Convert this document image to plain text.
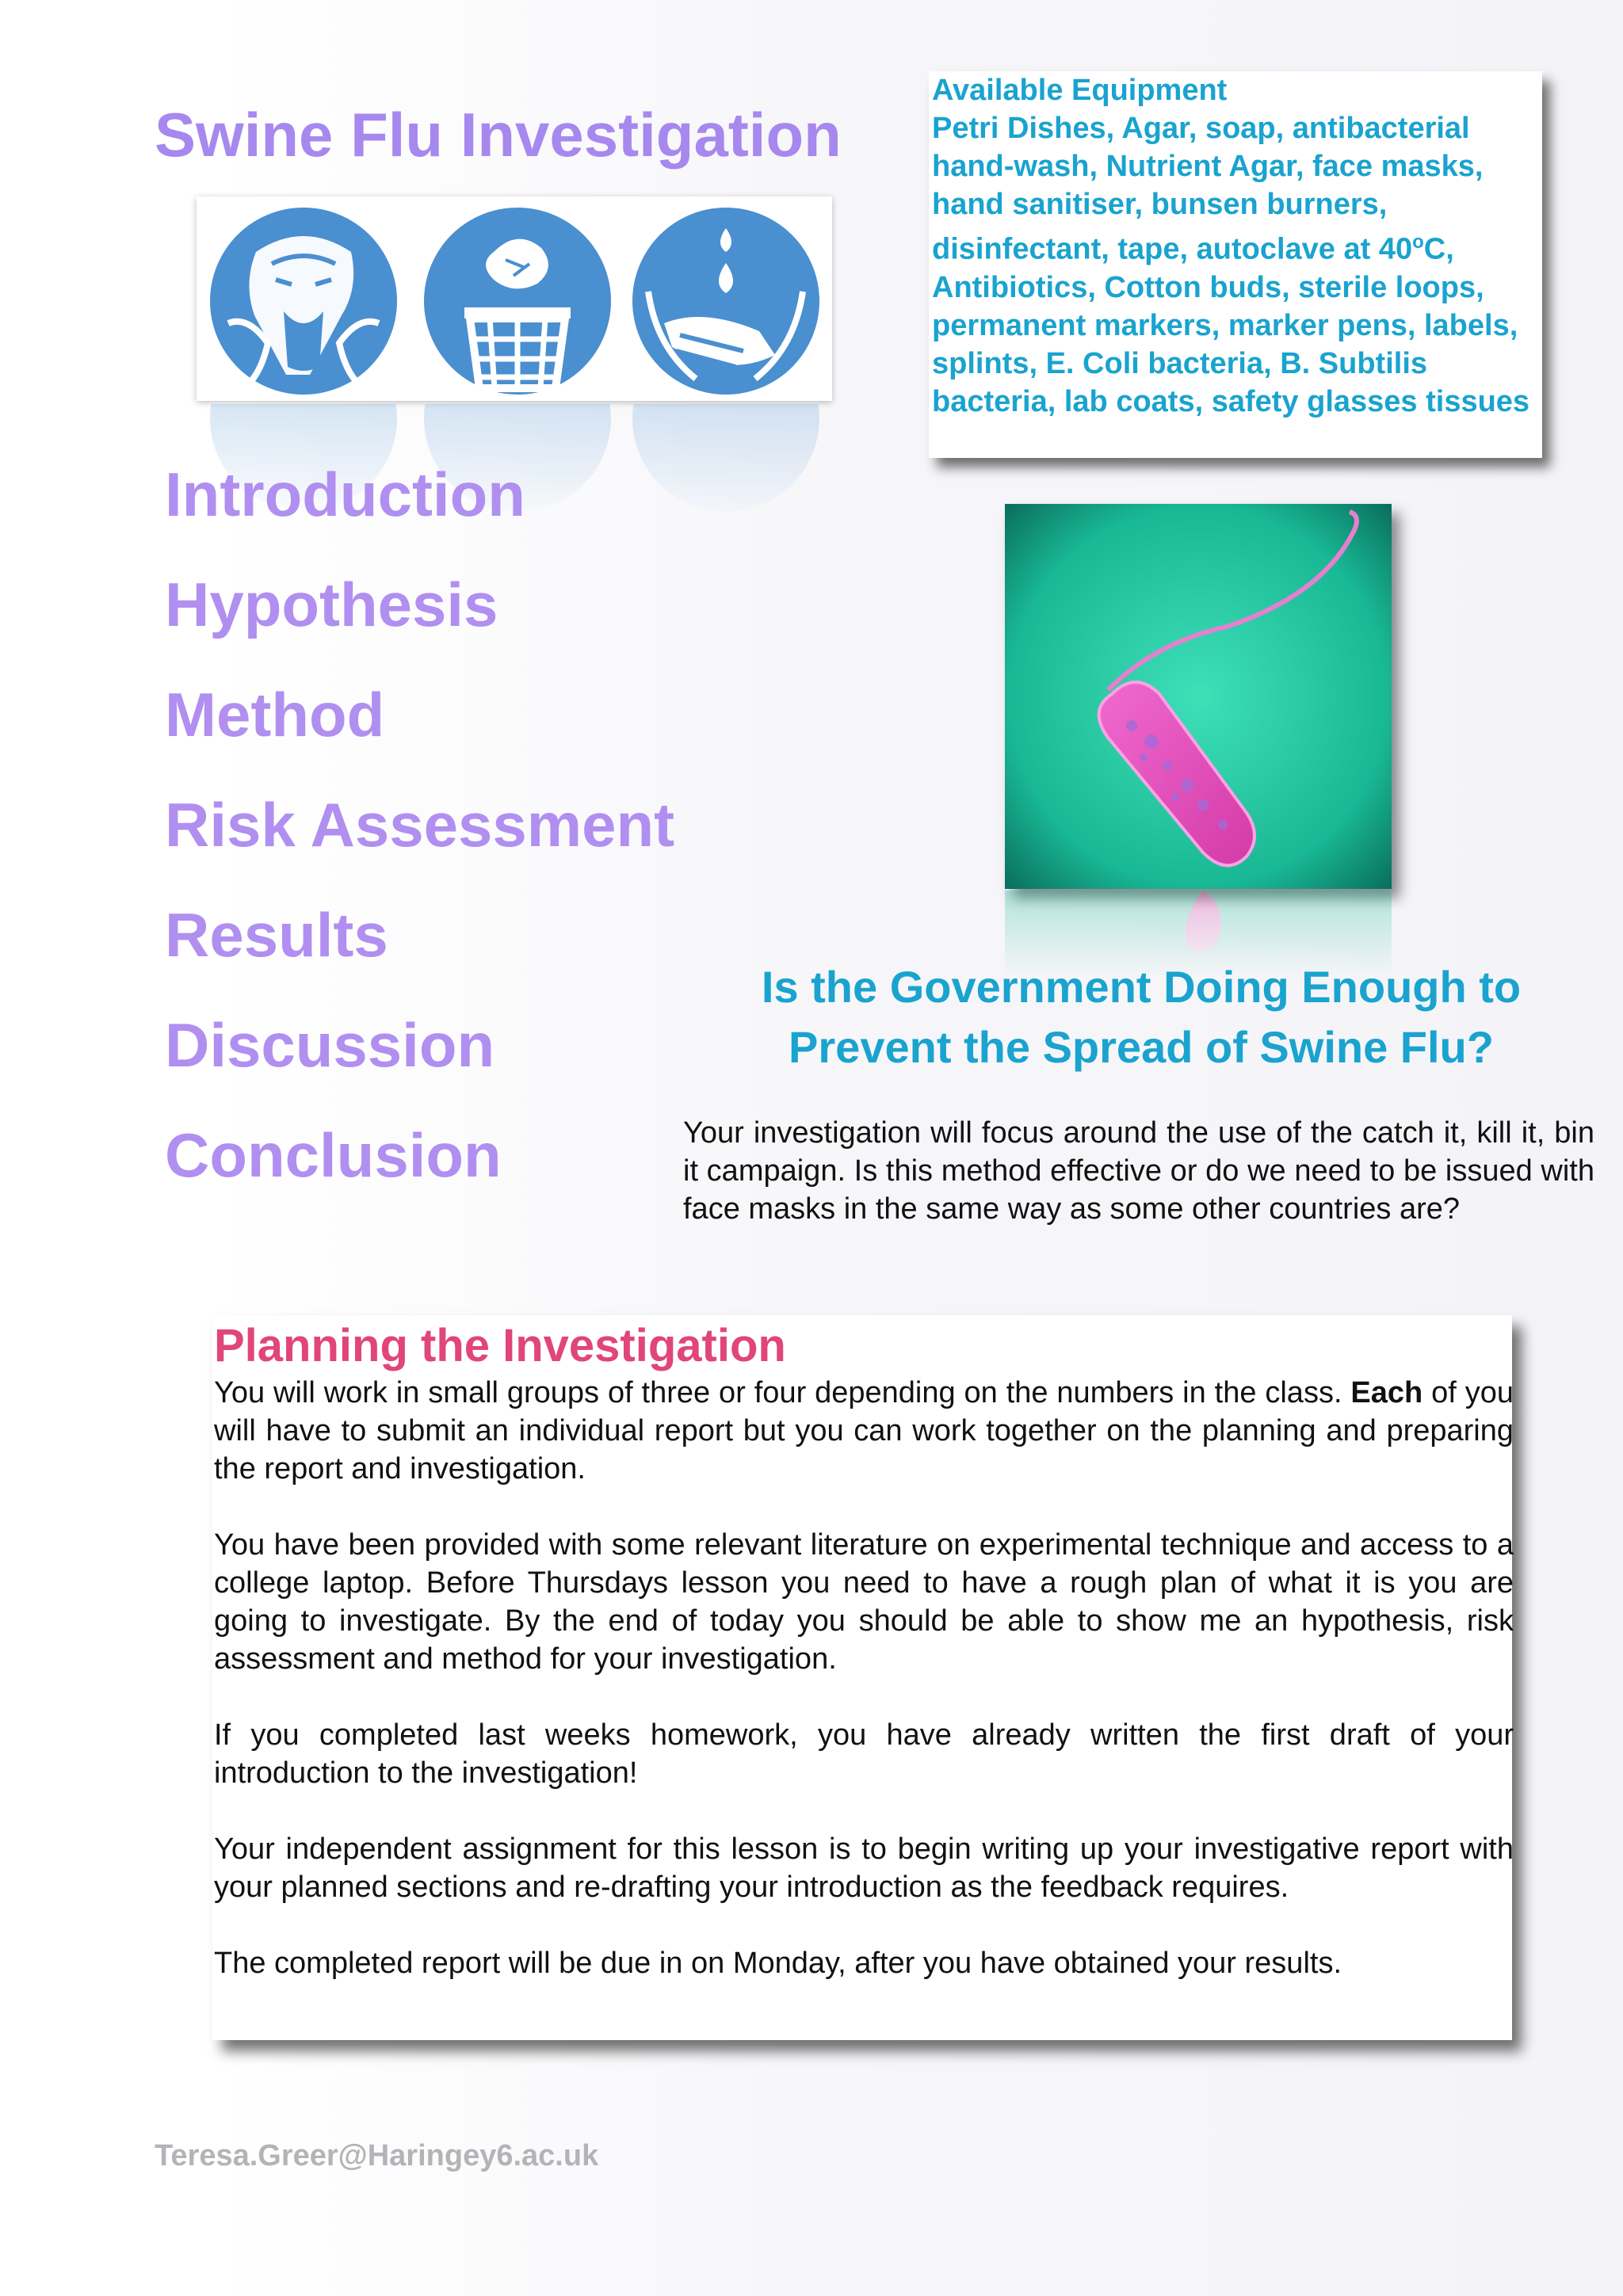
Swine Flu Investigation
Introduction
Hypothesis
Method
Risk Assessment
Results
Discussion
Conclusion

Available Equipment

Petri Dishes, Agar, soap, antibacterial hand-wash, Nutrient Agar, face masks, hand sanitiser, bunsen burners, disinfectant, tape, autoclave at 40$^o$C, Antibiotics, Cotton buds, sterile loops, permanent markers, marker pens, labels, splints, E. Coli bacteria, B. Subtilis bacteria, lab coats, safety glasses tissues

Is the Government Doing Enough to
Prevent the Spread of Swine Flu?

Your investigation will focus around the use of the catch it, kill it, bin it campaign. Is this method effective or do we need to be issued with face masks in the same way as some other countries are?

Planning the Investigation

You will work in small groups of three or four depending on the numbers in the class. Each of you will have to submit an individual report but you can work together on the planning and preparing the report and investigation.

You have been provided with some relevant literature on experimental technique and access to a college laptop. Before Thursdays lesson you need to have a rough plan of what it is you are going to investigate. By the end of today you should be able to show me an hypothesis, risk assessment and method for your investigation.

If you completed last weeks homework, you have already written the first draft of your introduction to the investigation!

Your independent assignment for this lesson is to begin writing up your investigative report with your planned sections and re-drafting your introduction as the feedback requires.

The completed report will be due in on Monday, after you have obtained your results.

Teresa.Greer@Haringey6.ac.uk
